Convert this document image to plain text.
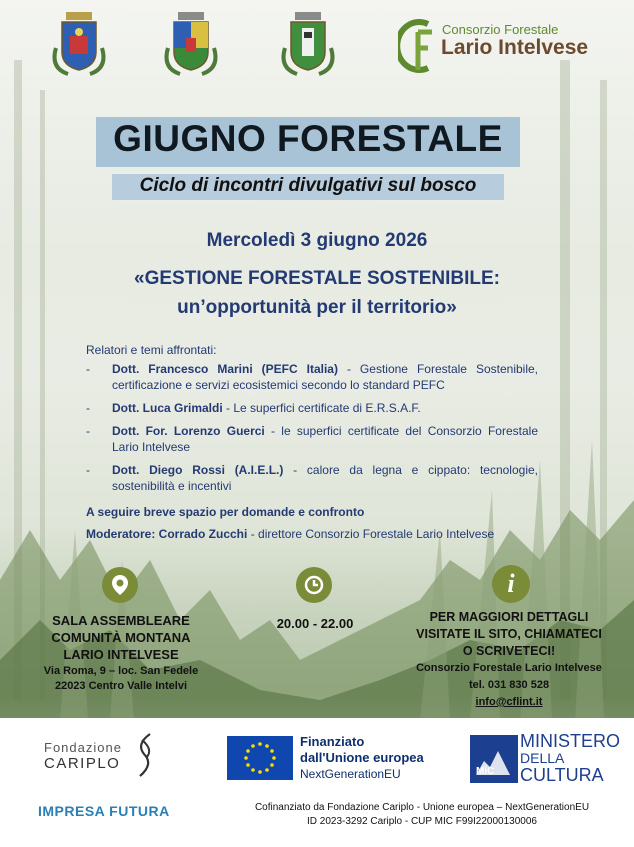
Consorzio Forestale
Lario Intelvese
GIUGNO FORESTALE
Ciclo di incontri divulgativi sul bosco
Mercoledì 3 giugno 2026
«GESTIONE FORESTALE SOSTENIBILE:
un’opportunità per il territorio»
Relatori e temi affrontati:
-	Dott. Francesco Marini (PEFC Italia) - Gestione Forestale Sostenibile, certificazione e servizi ecosistemici secondo lo standard PEFC
-	Dott. Luca Grimaldi - Le superfici certificate di E.R.S.A.F.
-	Dott. For. Lorenzo Guerci - le superfici certificate del Consorzio Forestale Lario Intelvese
-	Dott. Diego Rossi (A.I.E.L.) - calore da legna e cippato: tecnologie, sostenibilità e incentivi
A seguire breve spazio per domande e confronto
Moderatore: Corrado Zucchi - direttore Consorzio Forestale Lario Intelvese
i
SALA ASSEMBLEARE
COMUNITÀ MONTANA
LARIO INTELVESE
Via Roma, 9 – loc. San Fedele
22023 Centro Valle Intelvi
20.00 - 22.00	PER MAGGIORI DETTAGLI
VISITATE IL SITO, CHIAMATECI
O SCRIVETECI!
Consorzio Forestale Lario Intelvese
tel. 031 830 528
info@cflint.it
Fondazione
CARIPLO
IMPRESA FUTURA
Finanziato
dall'Unione europea
NextGenerationEU	MiC
MINISTERO
DELLA
CULTURA
Cofinanziato da Fondazione Cariplo - Unione europea – NextGenerationEU
ID 2023-3292 Cariplo - CUP MIC F99I22000130006
